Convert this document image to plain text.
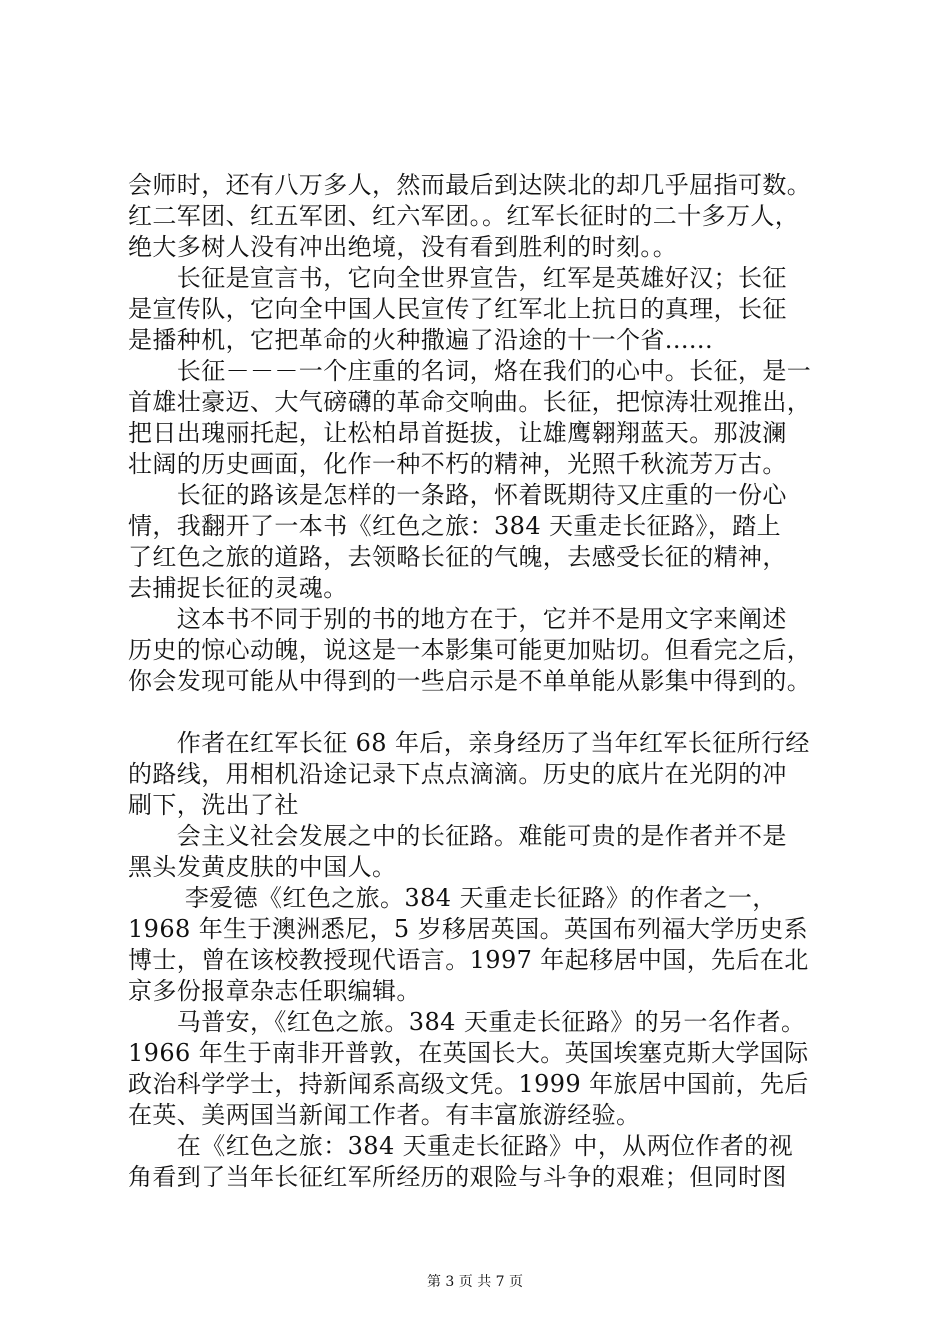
会师时，还有八万多人，然而最后到达陕北的却几乎屈指可数。
红二军团、红五军团、红六军团。。红军长征时的二十多万人，
绝大多树人没有冲出绝境，没有看到胜利的时刻。。
　　长征是宣言书，它向全世界宣告，红军是英雄好汉；长征
是宣传队，它向全中国人民宣传了红军北上抗日的真理，长征
是播种机，它把革命的火种撒遍了沿途的十一个省......
　　长征－－－一个庄重的名词，烙在我们的心中。长征，是一
首雄壮豪迈、大气磅礴的革命交响曲。长征，把惊涛壮观推出，
把日出瑰丽托起，让松柏昂首挺拔，让雄鹰翱翔蓝天。那波澜
壮阔的历史画面，化作一种不朽的精神，光照千秋流芳万古。
　　长征的路该是怎样的一条路，怀着既期待又庄重的一份心
情，我翻开了一本书《红色之旅：384 天重走长征路》，踏上
了红色之旅的道路，去领略长征的气魄，去感受长征的精神，
去捕捉长征的灵魂。
　　这本书不同于别的书的地方在于，它并不是用文字来阐述
历史的惊心动魄，说这是一本影集可能更加贴切。但看完之后，
你会发现可能从中得到的一些启示是不单单能从影集中得到的。
　　作者在红军长征 68 年后，亲身经历了当年红军长征所行经
的路线，用相机沿途记录下点点滴滴。历史的底片在光阴的冲
刷下，洗出了社
　　会主义社会发展之中的长征路。难能可贵的是作者并不是
黑头发黄皮肤的中国人。
　　 李爱德《红色之旅。384 天重走长征路》的作者之一，
1968 年生于澳洲悉尼，5 岁移居英国。英国布列福大学历史系
博士，曾在该校教授现代语言。1997 年起移居中国，先后在北
京多份报章杂志任职编辑。
　　马普安，《红色之旅。384 天重走长征路》的另一名作者。
1966 年生于南非开普敦，在英国长大。英国埃塞克斯大学国际
政治科学学士，持新闻系高级文凭。1999 年旅居中国前，先后
在英、美两国当新闻工作者。有丰富旅游经验。
　　在《红色之旅：384 天重走长征路》中，从两位作者的视
角看到了当年长征红军所经历的艰险与斗争的艰难；但同时图
第 3 页 共 7 页
